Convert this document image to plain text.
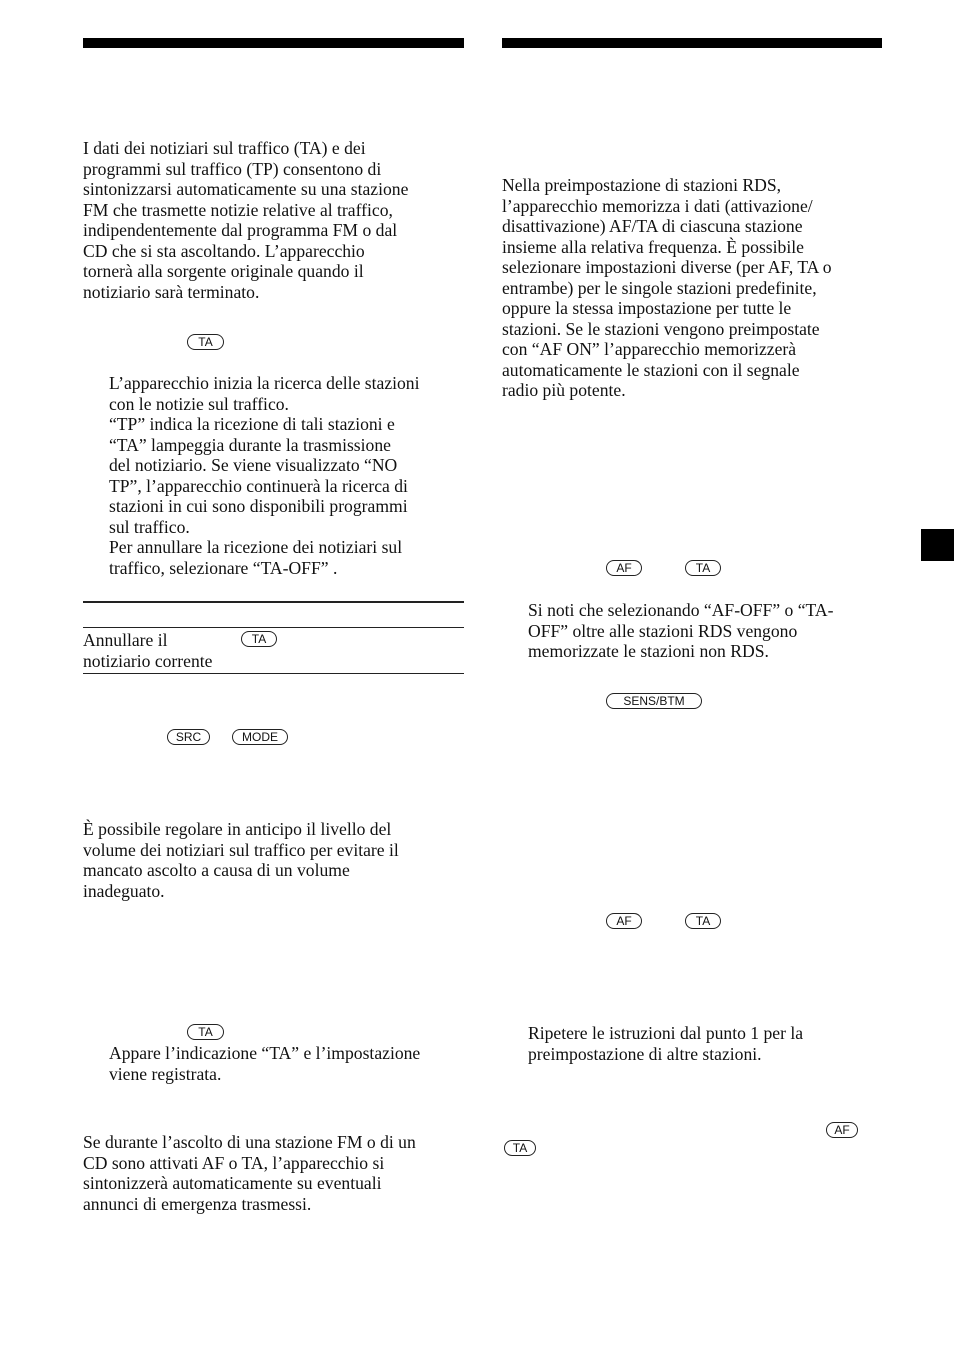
I dati dei notiziari sul traffico (TA) e dei

programmi sul traffico (TP) consentono di

sintonizzarsi automaticamente su una stazione

FM che trasmette notizie relative al traffico,

indipendentemente dal programma FM o dal

CD che si sta ascoltando. L’apparecchio

tornerà alla sorgente originale quando il

notiziario sarà terminato.

TA

L’apparecchio inizia la ricerca delle stazioni

con le notizie sul traffico.

“TP” indica la ricezione di tali stazioni e

“TA” lampeggia durante la trasmissione

del notiziario. Se viene visualizzato “NO

TP”, l’apparecchio continuerà la ricerca di

stazioni in cui sono disponibili programmi

sul traffico.

Per annullare la ricezione dei notiziari sul

traffico, selezionare “TA-OFF” .

Annullare il

notiziario corrente

TA
SRC	MODE

È possibile regolare in anticipo il livello del

volume dei notiziari sul traffico per evitare il

mancato ascolto a causa di un volume

inadeguato.

TA

Appare l’indicazione “TA” e l’impostazione

viene registrata.

Se durante l’ascolto di una stazione FM o di un

CD sono attivati AF o TA, l’apparecchio si

sintonizzerà automaticamente su eventuali

annunci di emergenza trasmessi.

Nella preimpostazione di stazioni RDS,

l’apparecchio memorizza i dati (attivazione/

disattivazione) AF/TA di ciascuna stazione

insieme alla relativa frequenza. È possibile

selezionare impostazioni diverse (per AF, TA o

entrambe) per le singole stazioni predefinite,

oppure la stessa impostazione per tutte le

stazioni. Se le stazioni vengono preimpostate

con “AF ON” l’apparecchio memorizzerà

automaticamente le stazioni con il segnale

radio più potente.

AF	TA

Si noti che selezionando “AF-OFF” o “TA-

OFF” oltre alle stazioni RDS vengono

memorizzate le stazioni non RDS.

SENS/BTM
AF	TA

Ripetere le istruzioni dal punto 1 per la

preimpostazione di altre stazioni.

AF
TA
